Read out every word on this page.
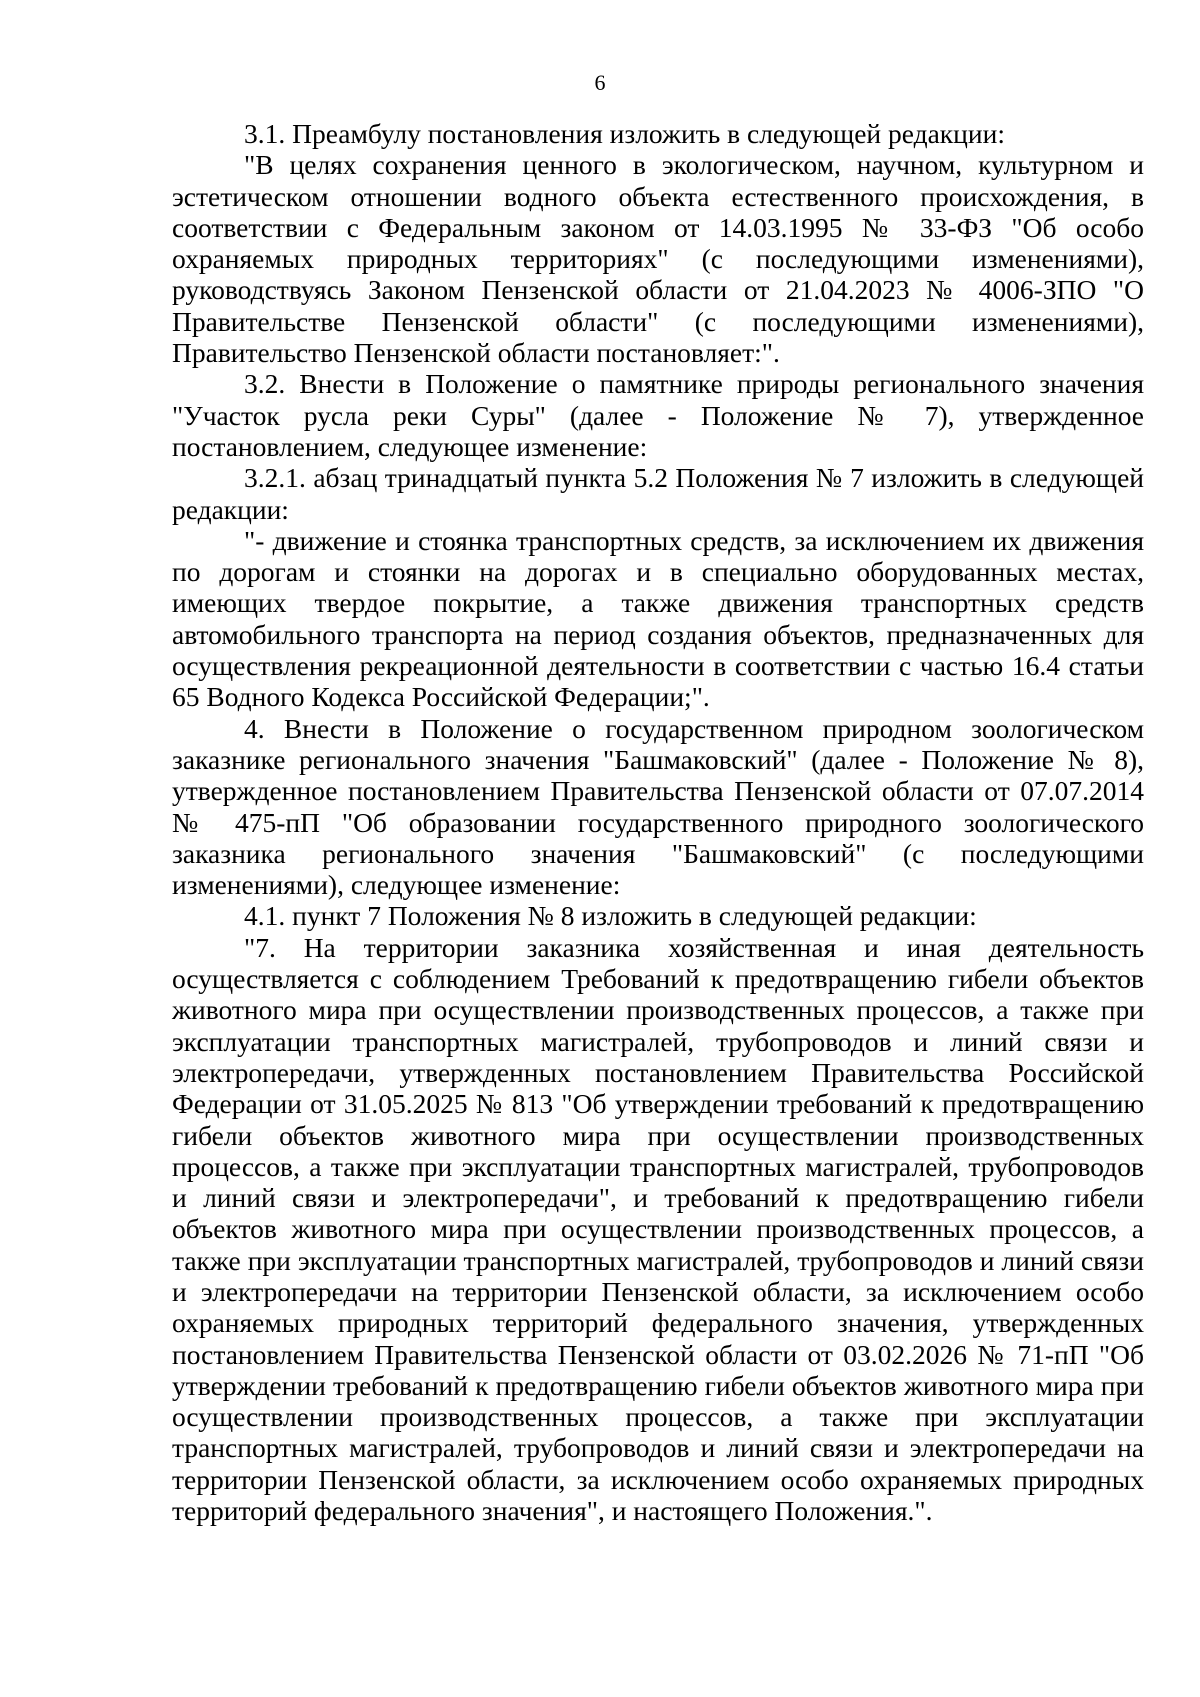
6

3.1. Преамбулу постановления изложить в следующей редакции:

"В целях сохранения ценного в экологическом, научном, культурном и эстетическом отношении водного объекта естественного происхождения, в соответствии с Федеральным законом от 14.03.1995 № 33-ФЗ "Об особо охраняемых природных территориях" (с последующими изменениями), руководствуясь Законом Пензенской области от 21.04.2023 № 4006-ЗПО "О Правительстве Пензенской области" (с последующими изменениями), Правительство Пензенской области постановляет:".

3.2. Внести в Положение о памятнике природы регионального значения "Участок русла реки Суры" (далее - Положение № 7), утвержденное постановлением, следующее изменение:

3.2.1. абзац тринадцатый пункта 5.2 Положения № 7 изложить в следующей редакции:

"- движение и стоянка транспортных средств, за исключением их движения по дорогам и стоянки на дорогах и в специально оборудованных местах, имеющих твердое покрытие, а также движения транспортных средств автомобильного транспорта на период создания объектов, предназначенных для осуществления рекреационной деятельности в соответствии с частью 16.4 статьи 65 Водного Кодекса Российской Федерации;".

4. Внести в Положение о государственном природном зоологическом заказнике регионального значения "Башмаковский" (далее - Положение № 8), утвержденное постановлением Правительства Пензенской области от 07.07.2014 № 475-пП "Об образовании государственного природного зоологического заказника регионального значения "Башмаковский" (с последующими изменениями), следующее изменение:

4.1. пункт 7 Положения № 8 изложить в следующей редакции:

"7. На территории заказника хозяйственная и иная деятельность осуществляется с соблюдением Требований к предотвращению гибели объектов животного мира при осуществлении производственных процессов, а также при эксплуатации транспортных магистралей, трубопроводов и линий связи и электропередачи, утвержденных постановлением Правительства Российской Федерации от 31.05.2025 № 813 "Об утверждении требований к предотвращению гибели объектов животного мира при осуществлении производственных процессов, а также при эксплуатации транспортных магистралей, трубопроводов и линий связи и электропередачи", и требований к предотвращению гибели объектов животного мира при осуществлении производственных процессов, а также при эксплуатации транспортных магистралей, трубопроводов и линий связи и электропередачи на территории Пензенской области, за исключением особо охраняемых природных территорий федерального значения, утвержденных постановлением Правительства Пензенской области от 03.02.2026 № 71-пП "Об утверждении требований к предотвращению гибели объектов животного мира при осуществлении производственных процессов, а также при эксплуатации транспортных магистралей, трубопроводов и линий связи и электропередачи на территории Пензенской области, за исключением особо охраняемых природных территорий федерального значения", и настоящего Положения.".
